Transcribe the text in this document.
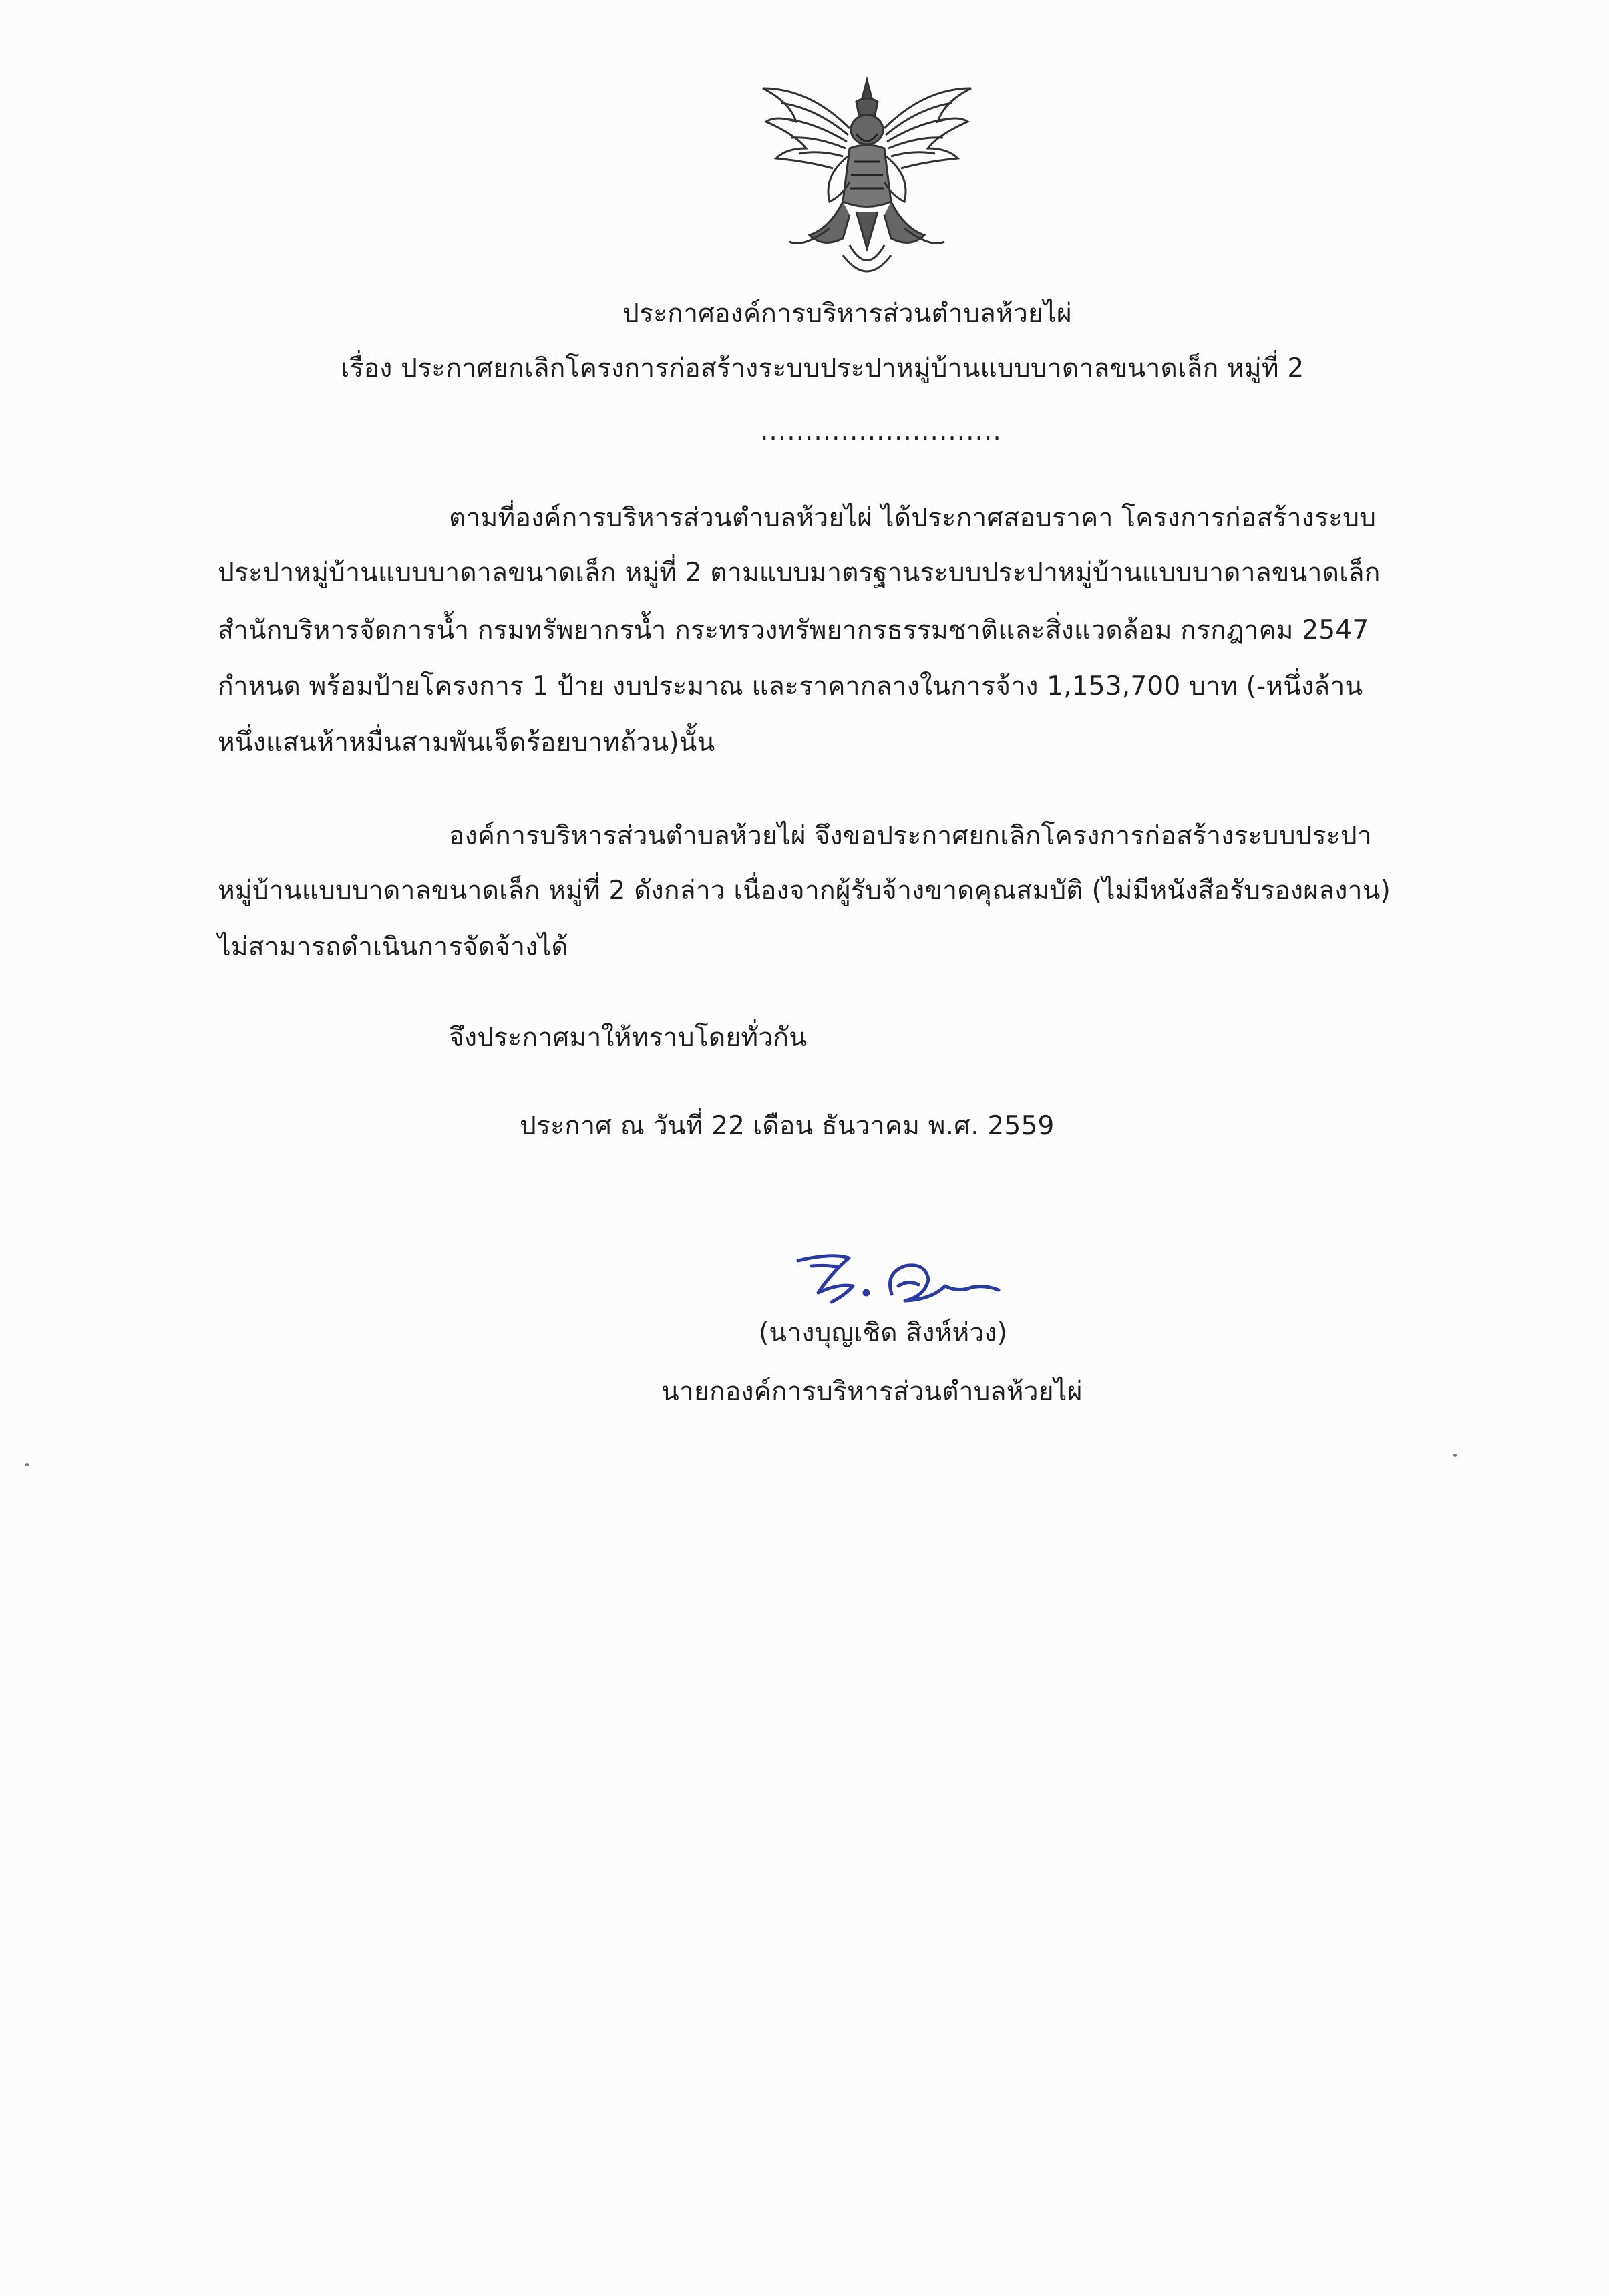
ประกาศองค์การบริหารส่วนตำบลห้วยไผ่
เรื่อง ประกาศยกเลิกโครงการก่อสร้างระบบประปาหมู่บ้านแบบบาดาลขนาดเล็ก หมู่ที่ 2
...........................
ตามที่องค์การบริหารส่วนตำบลห้วยไผ่ ได้ประกาศสอบราคา โครงการก่อสร้างระบบ
ประปาหมู่บ้านแบบบาดาลขนาดเล็ก หมู่ที่ 2 ตามแบบมาตรฐานระบบประปาหมู่บ้านแบบบาดาลขนาดเล็ก
สำนักบริหารจัดการน้ำ กรมทรัพยากรน้ำ กระทรวงทรัพยากรธรรมชาติและสิ่งแวดล้อม กรกฎาคม 2547
กำหนด พร้อมป้ายโครงการ 1 ป้าย งบประมาณ และราคากลางในการจ้าง 1,153,700 บาท (-หนึ่งล้าน
หนึ่งแสนห้าหมื่นสามพันเจ็ดร้อยบาทถ้วน)นั้น
องค์การบริหารส่วนตำบลห้วยไผ่ จึงขอประกาศยกเลิกโครงการก่อสร้างระบบประปา
หมู่บ้านแบบบาดาลขนาดเล็ก หมู่ที่ 2 ดังกล่าว เนื่องจากผู้รับจ้างขาดคุณสมบัติ (ไม่มีหนังสือรับรองผลงาน)
ไม่สามารถดำเนินการจัดจ้างได้
จึงประกาศมาให้ทราบโดยทั่วกัน
ประกาศ ณ วันที่ 22 เดือน ธันวาคม พ.ศ. 2559
(นางบุญเชิด สิงห์ห่วง)
นายกองค์การบริหารส่วนตำบลห้วยไผ่
